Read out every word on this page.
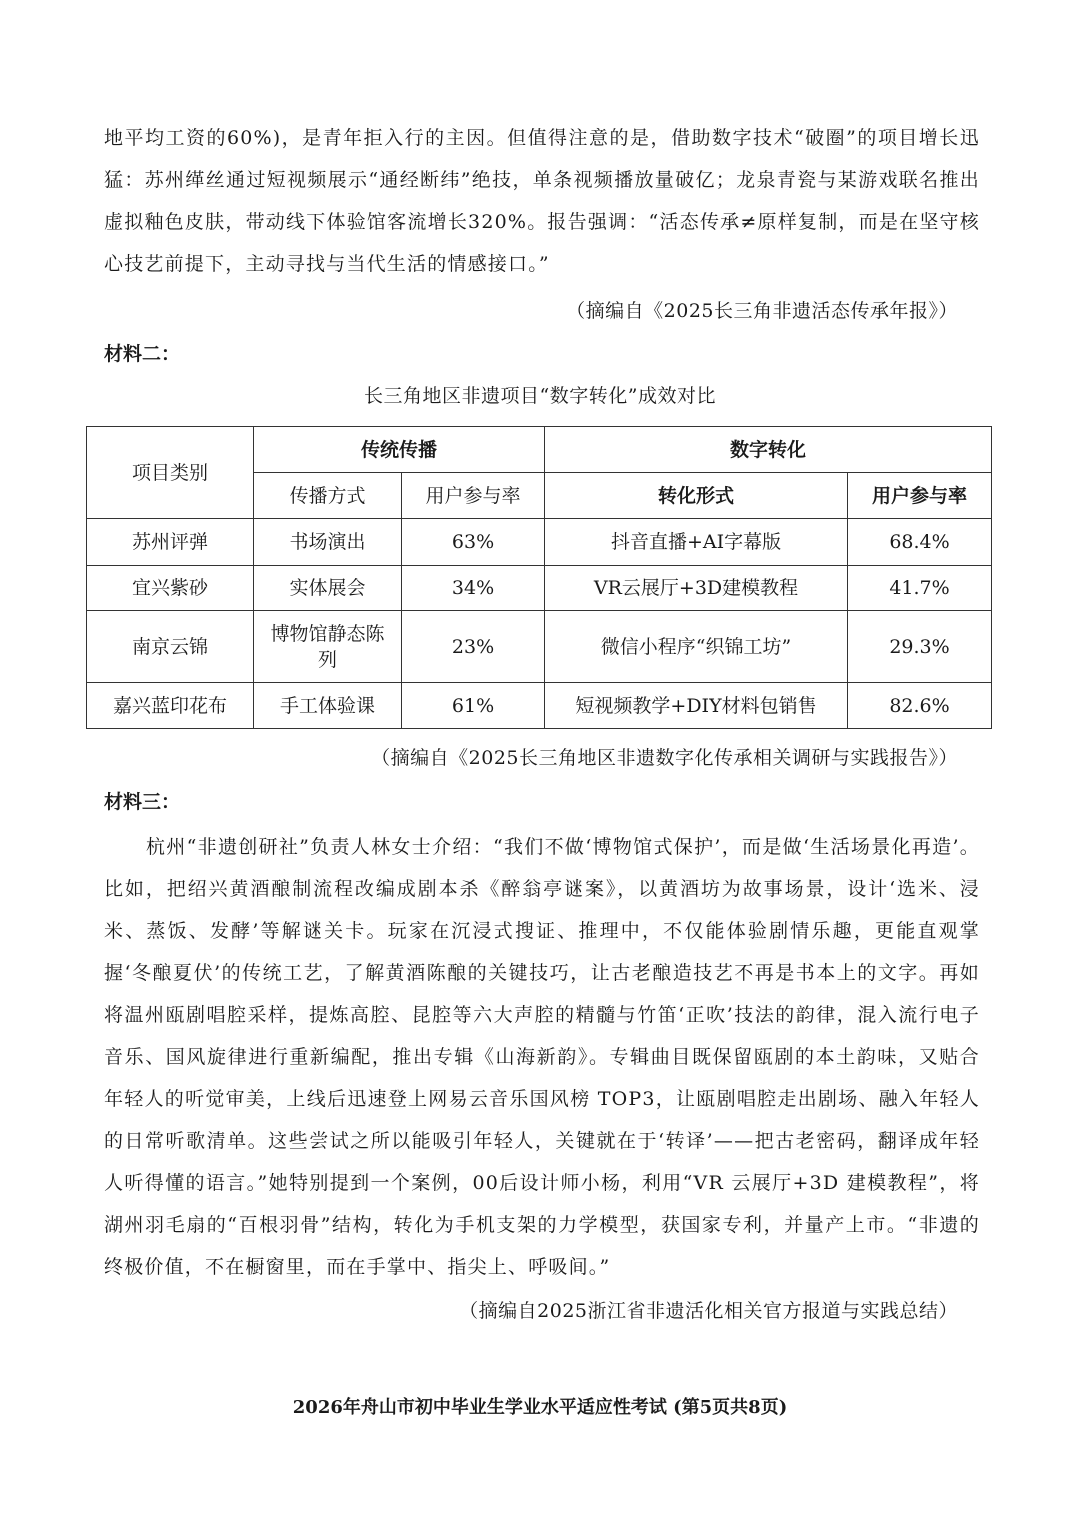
地平均工资的60%)，是青年拒入行的主因。但值得注意的是，借助数字技术“破圈”的项目增长迅猛：苏州缂丝通过短视频展示“通经断纬”绝技，单条视频播放量破亿；龙泉青瓷与某游戏联名推出虚拟釉色皮肤，带动线下体验馆客流增长320%。报告强调：“活态传承≠原样复制，而是在坚守核心技艺前提下，主动寻找与当代生活的情感接口。”

（摘编自《2025长三角非遗活态传承年报》）
材料二：
长三角地区非遗项目“数字转化”成效对比
项目类别	传统传播		数字转化	
	传播方式	用户参与率	转化形式	用户参与率
苏州评弹	书场演出	63%	抖音直播+AI字幕版	68.4%
宜兴紫砂	实体展会	34%	VR云展厅+3D建模教程	41.7%
南京云锦	博物馆静态陈列	23%	微信小程序“织锦工坊”	29.3%
嘉兴蓝印花布	手工体验课	61%	短视频教学+DIY材料包销售	82.6%
（摘编自《2025长三角地区非遗数字化传承相关调研与实践报告》）
材料三：

杭州“非遗创研社”负责人林女士介绍：“我们不做‘博物馆式保护’，而是做‘生活场景化再造’。比如，把绍兴黄酒酿制流程改编成剧本杀《醉翁亭谜案》，以黄酒坊为故事场景，设计‘选米、浸米、蒸饭、发酵’等解谜关卡。玩家在沉浸式搜证、推理中，不仅能体验剧情乐趣，更能直观掌握‘冬酿夏伏’的传统工艺，了解黄酒陈酿的关键技巧，让古老酿造技艺不再是书本上的文字。再如将温州瓯剧唱腔采样，提炼高腔、昆腔等六大声腔的精髓与竹笛‘正吹’技法的韵律，混入流行电子音乐、国风旋律进行重新编配，推出专辑《山海新韵》。专辑曲目既保留瓯剧的本土韵味，又贴合年轻人的听觉审美，上线后迅速登上网易云音乐国风榜 TOP3，让瓯剧唱腔走出剧场、融入年轻人的日常听歌清单。这些尝试之所以能吸引年轻人，关键就在于‘转译’——把古老密码，翻译成年轻人听得懂的语言。”她特别提到一个案例，00后设计师小杨，利用“VR 云展厅+3D 建模教程”，将湖州羽毛扇的“百根羽骨”结构，转化为手机支架的力学模型，获国家专利，并量产上市。“非遗的终极价值，不在橱窗里，而在手掌中、指尖上、呼吸间。”

（摘编自2025浙江省非遗活化相关官方报道与实践总结）
2026年舟山市初中毕业生学业水平适应性考试 (第5页共8页)
